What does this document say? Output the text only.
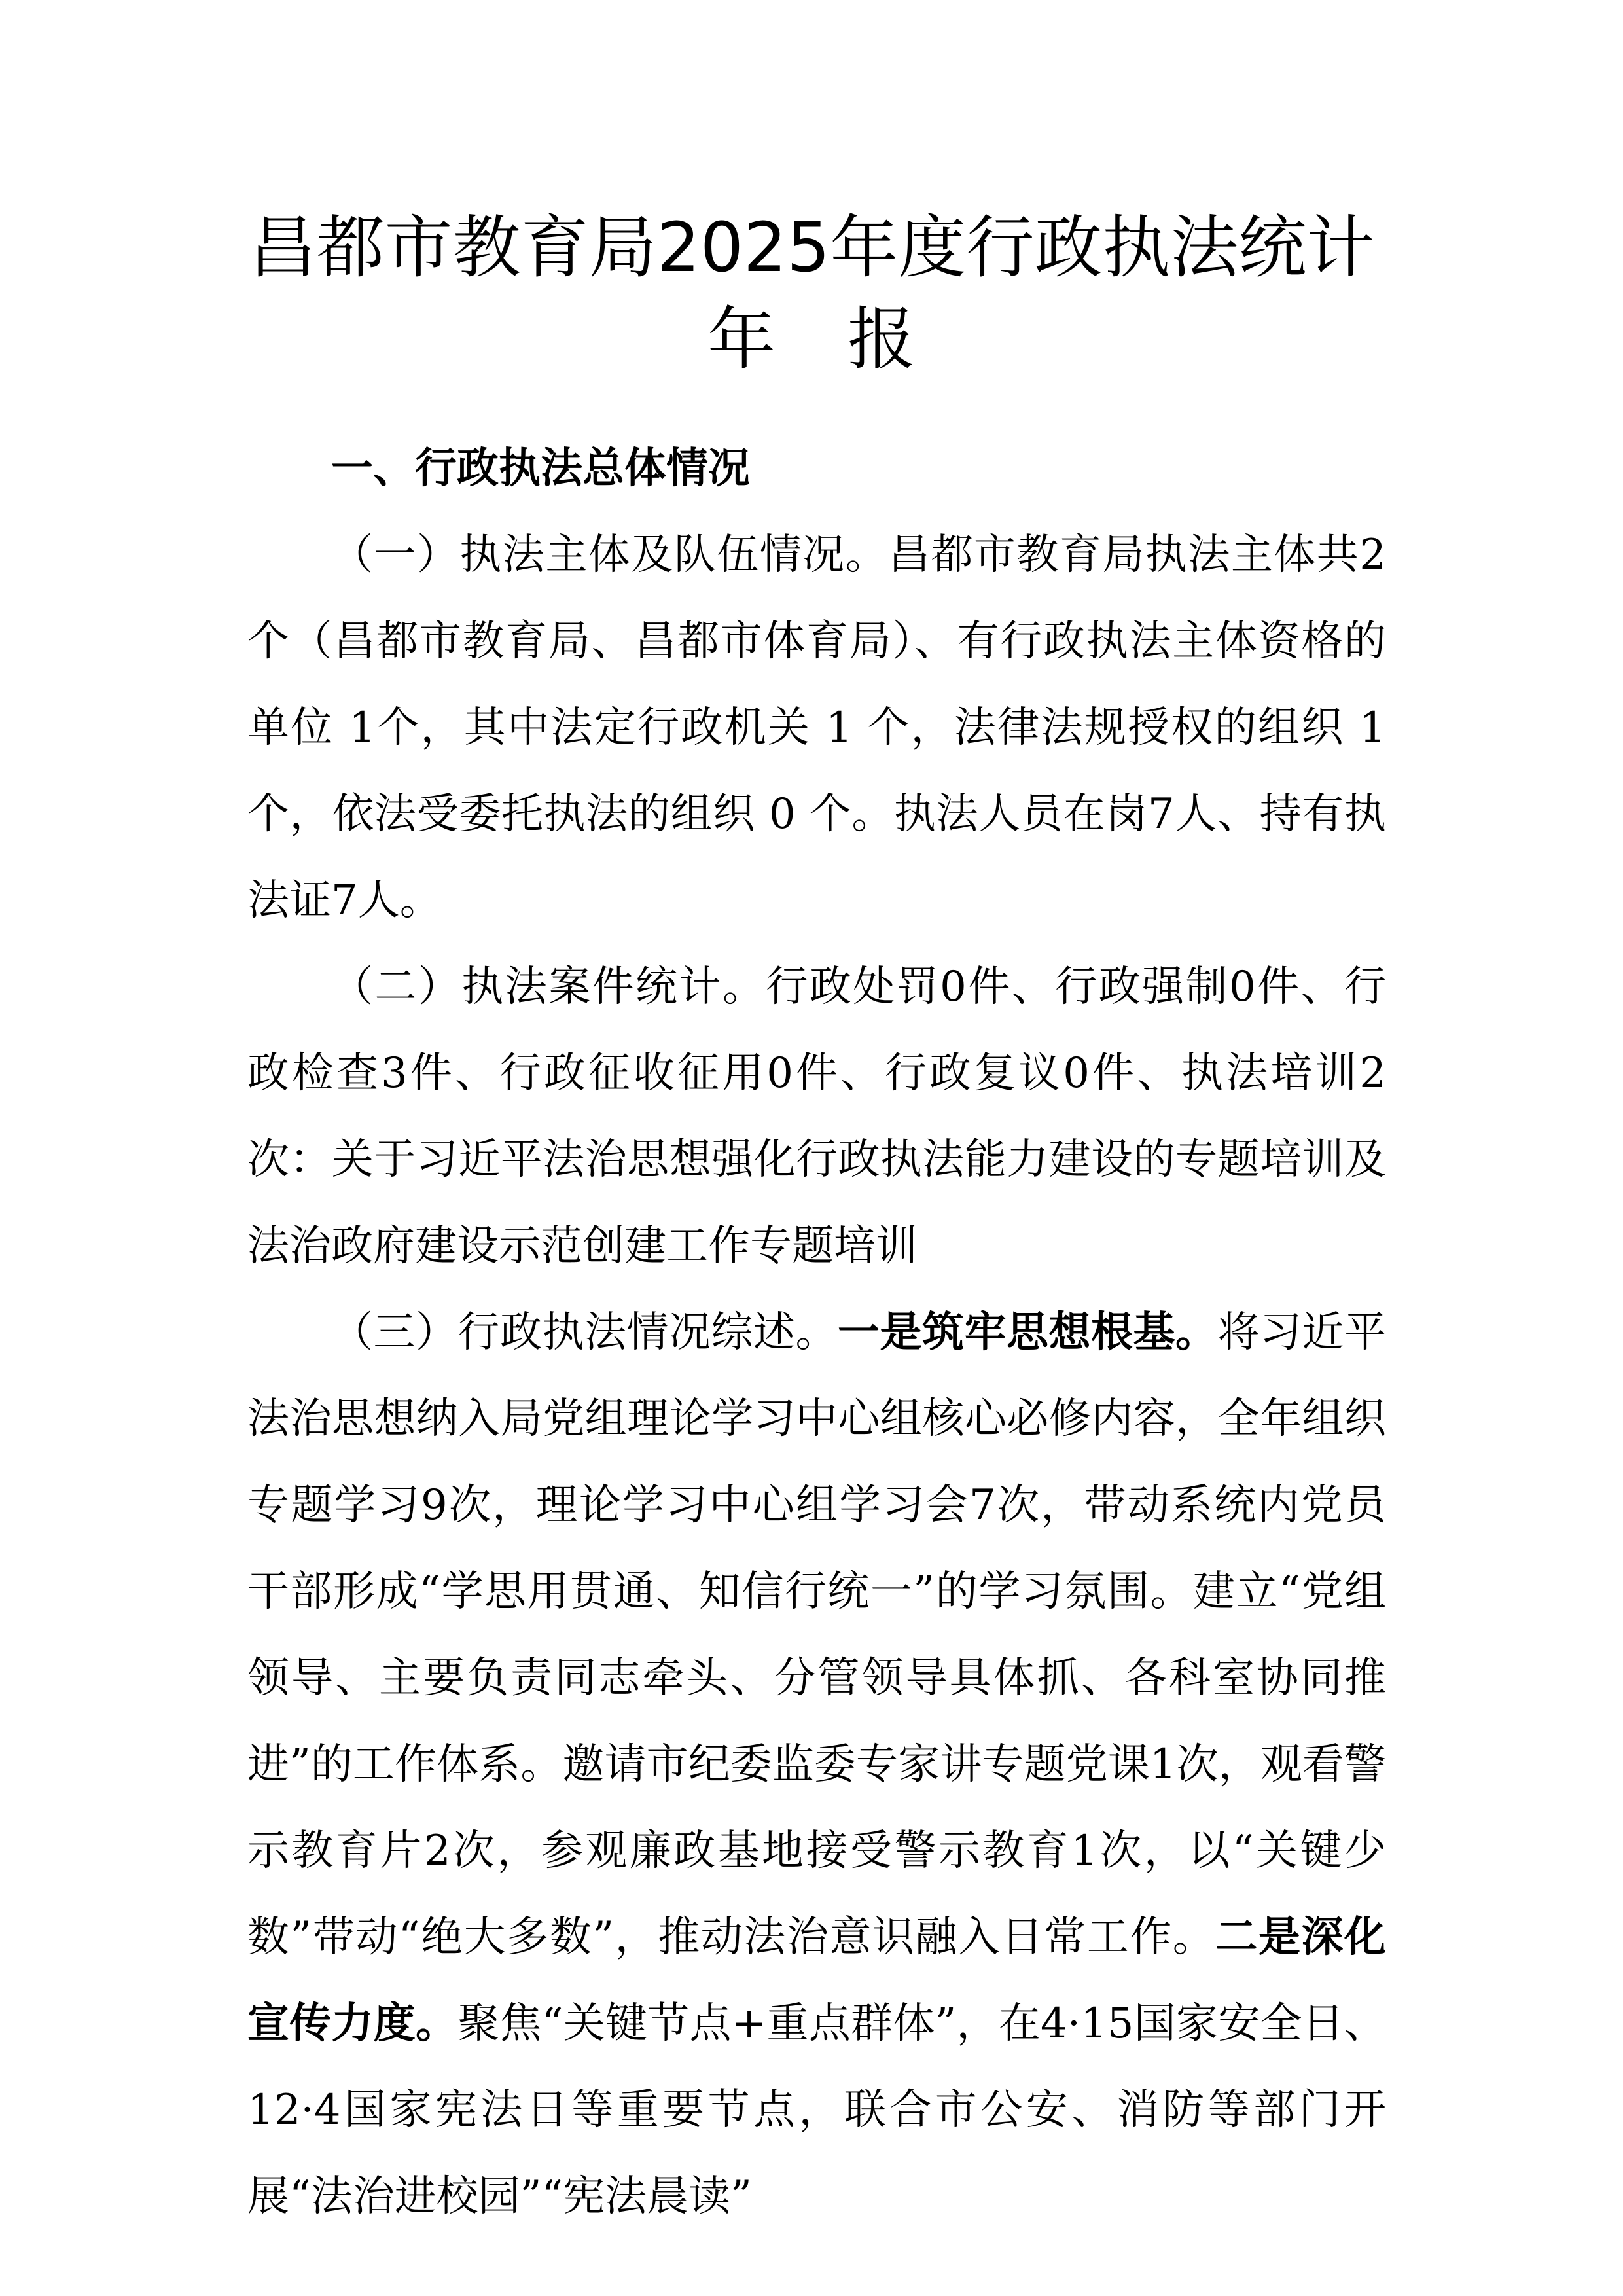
昌都市教育局2025年度行政执法统计
年 报

一、行政执法总体情况

（一）执法主体及队伍情况。昌都市教育局执法主体共2个（昌都市教育局、昌都市体育局）、有行政执法主体资格的单位 1个，其中法定行政机关 1 个，法律法规授权的组织 1 个，依法受委托执法的组织 0 个。执法人员在岗7人、持有执法证7人。

（二）执法案件统计。行政处罚0件、行政强制0件、行政检查3件、行政征收征用0件、行政复议0件、执法培训2次：关于习近平法治思想强化行政执法能力建设的专题培训及法治政府建设示范创建工作专题培训

（三）行政执法情况综述。一是筑牢思想根基。将习近平法治思想纳入局党组理论学习中心组核心必修内容，全年组织专题学习9次，理论学习中心组学习会7次，带动系统内党员干部形成“学思用贯通、知信行统一”的学习氛围。建立“党组领导、主要负责同志牵头、分管领导具体抓、各科室协同推进”的工作体系。邀请市纪委监委专家讲专题党课1次，观看警示教育片2次，参观廉政基地接受警示教育1次，以“关键少数”带动“绝大多数”，推动法治意识融入日常工作。二是深化宣传力度。聚焦“关键节点+重点群体”，在4·15国家安全日、12·4国家宪法日等重要节点，联合市公安、消防等部门开展“法治进校园”“宪法晨读”
